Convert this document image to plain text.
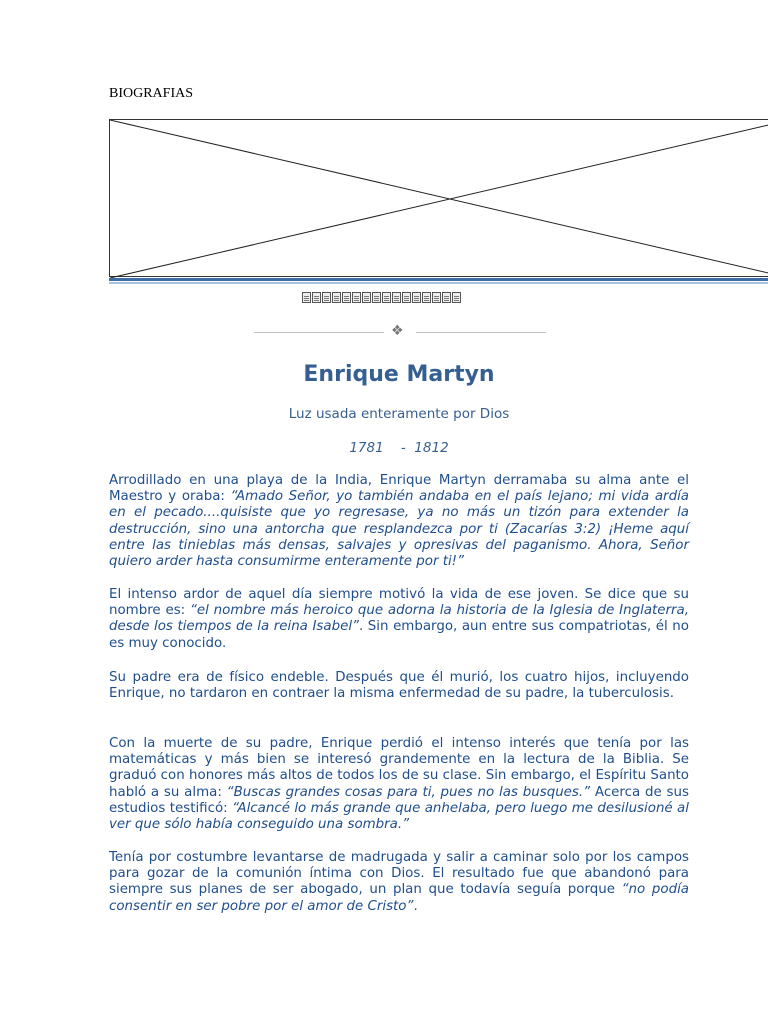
BIOGRAFIAS
❖
Enrique Martyn
Luz usada enteramente por Dios
1781    -  1812
Arrodillado en una playa de la India, Enrique Martyn derramaba su alma ante el Maestro y oraba: “Amado Señor, yo también andaba en el país lejano; mi vida ardía en el pecado....quisiste que yo regresase, ya no más un tizón para extender la destrucción, sino una antorcha que resplandezca por ti (Zacarías 3:2) ¡Heme aquí entre las tinieblas más densas, salvajes y opresivas del paganismo. Ahora, Señor quiero arder hasta consumirme enteramente por ti!”
El intenso ardor de aquel día siempre motivó la vida de ese joven. Se dice que su nombre es: “el nombre más heroico que adorna la historia de la Iglesia de Inglaterra, desde los tiempos de la reina Isabel”. Sin embargo, aun entre sus compatriotas, él no es muy conocido.
Su padre era de físico endeble. Después que él murió, los cuatro hijos, incluyendo Enrique, no tardaron en contraer la misma enfermedad de su padre, la tuberculosis.
Con la muerte de su padre, Enrique perdió el intenso interés que tenía por las matemáticas y más bien se interesó grandemente en la lectura de la Biblia. Se graduó con honores más altos de todos los de su clase. Sin embargo, el Espíritu Santo habló a su alma: “Buscas grandes cosas para ti, pues no las busques.” Acerca de sus estudios testificó: “Alcancé lo más grande que anhelaba, pero luego me desilusioné al ver que sólo había conseguido una sombra.”
Tenía por costumbre levantarse de madrugada y salir a caminar solo por los campos para gozar de la comunión íntima con Dios. El resultado fue que abandonó para siempre sus planes de ser abogado, un plan que todavía seguía porque “no podía consentir en ser pobre por el amor de Cristo”.
